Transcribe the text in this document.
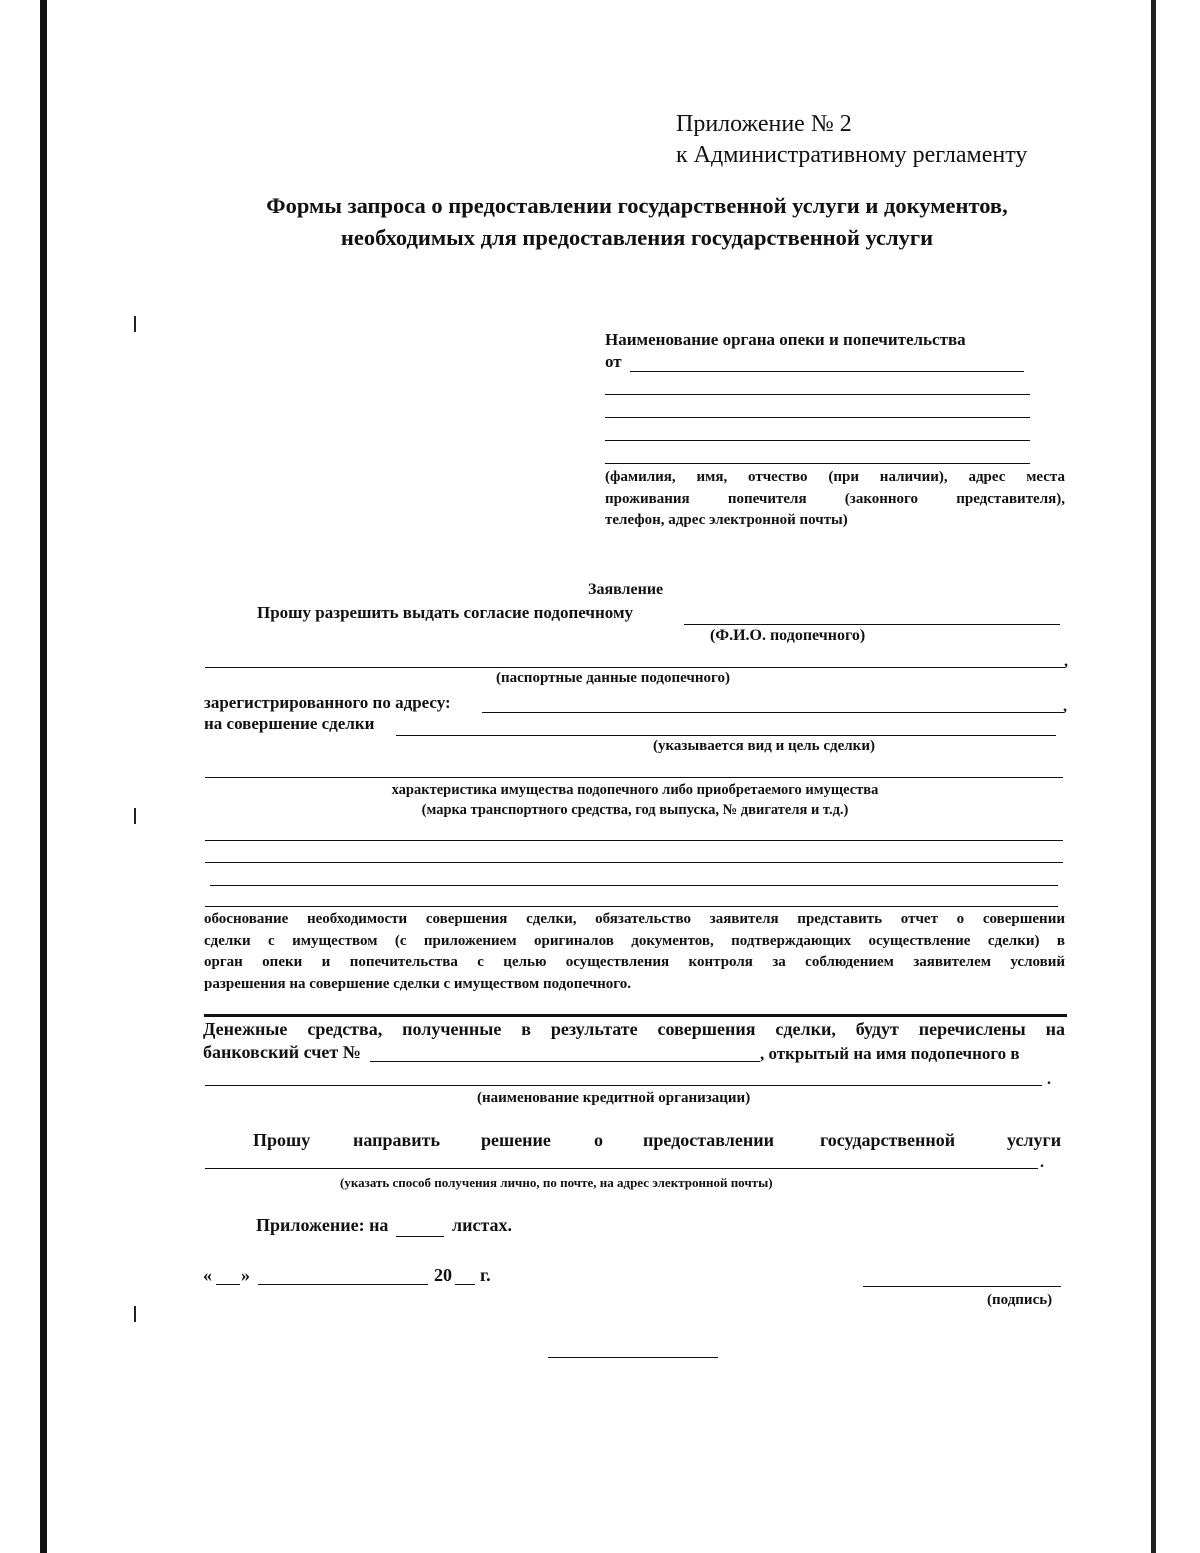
Приложение № 2
к Административному регламенту
Формы запроса о предоставлении государственной услуги и документов,
необходимых для предоставления государственной услуги
Наименование органа опеки и попечительства
от
(фамилия, имя, отчество (при наличии), адрес места
проживания попечителя (законного представителя),
телефон, адрес электронной почты)
Заявление
Прошу разрешить выдать согласие подопечному
(Ф.И.О. подопечного)
,
(паспортные данные подопечного)
зарегистрированного по адресу:	,
на совершение сделки
(указывается вид и цель сделки)
характеристика имущества подопечного либо приобретаемого имущества
(марка транспортного средства, год выпуска, № двигателя и т.д.)
обоснование необходимости совершения сделки, обязательство заявителя представить отчет о совершении
сделки с имуществом (с приложением оригиналов документов, подтверждающих осуществление сделки) в
орган опеки и попечительства с целью осуществления контроля за соблюдением заявителем условий
разрешения на совершение сделки с имуществом подопечного.
Денежные средства, полученные в результате совершения сделки, будут перечислены на
банковский счет №	, открытый на имя подопечного в
.
(наименование кредитной организации)
Прошу направить решение о предоставлении	государственной	услуги
.
(указать способ получения лично, по почте, на адрес электронной почты)
Приложение: на	листах.
« »	20 г.
(подпись)
